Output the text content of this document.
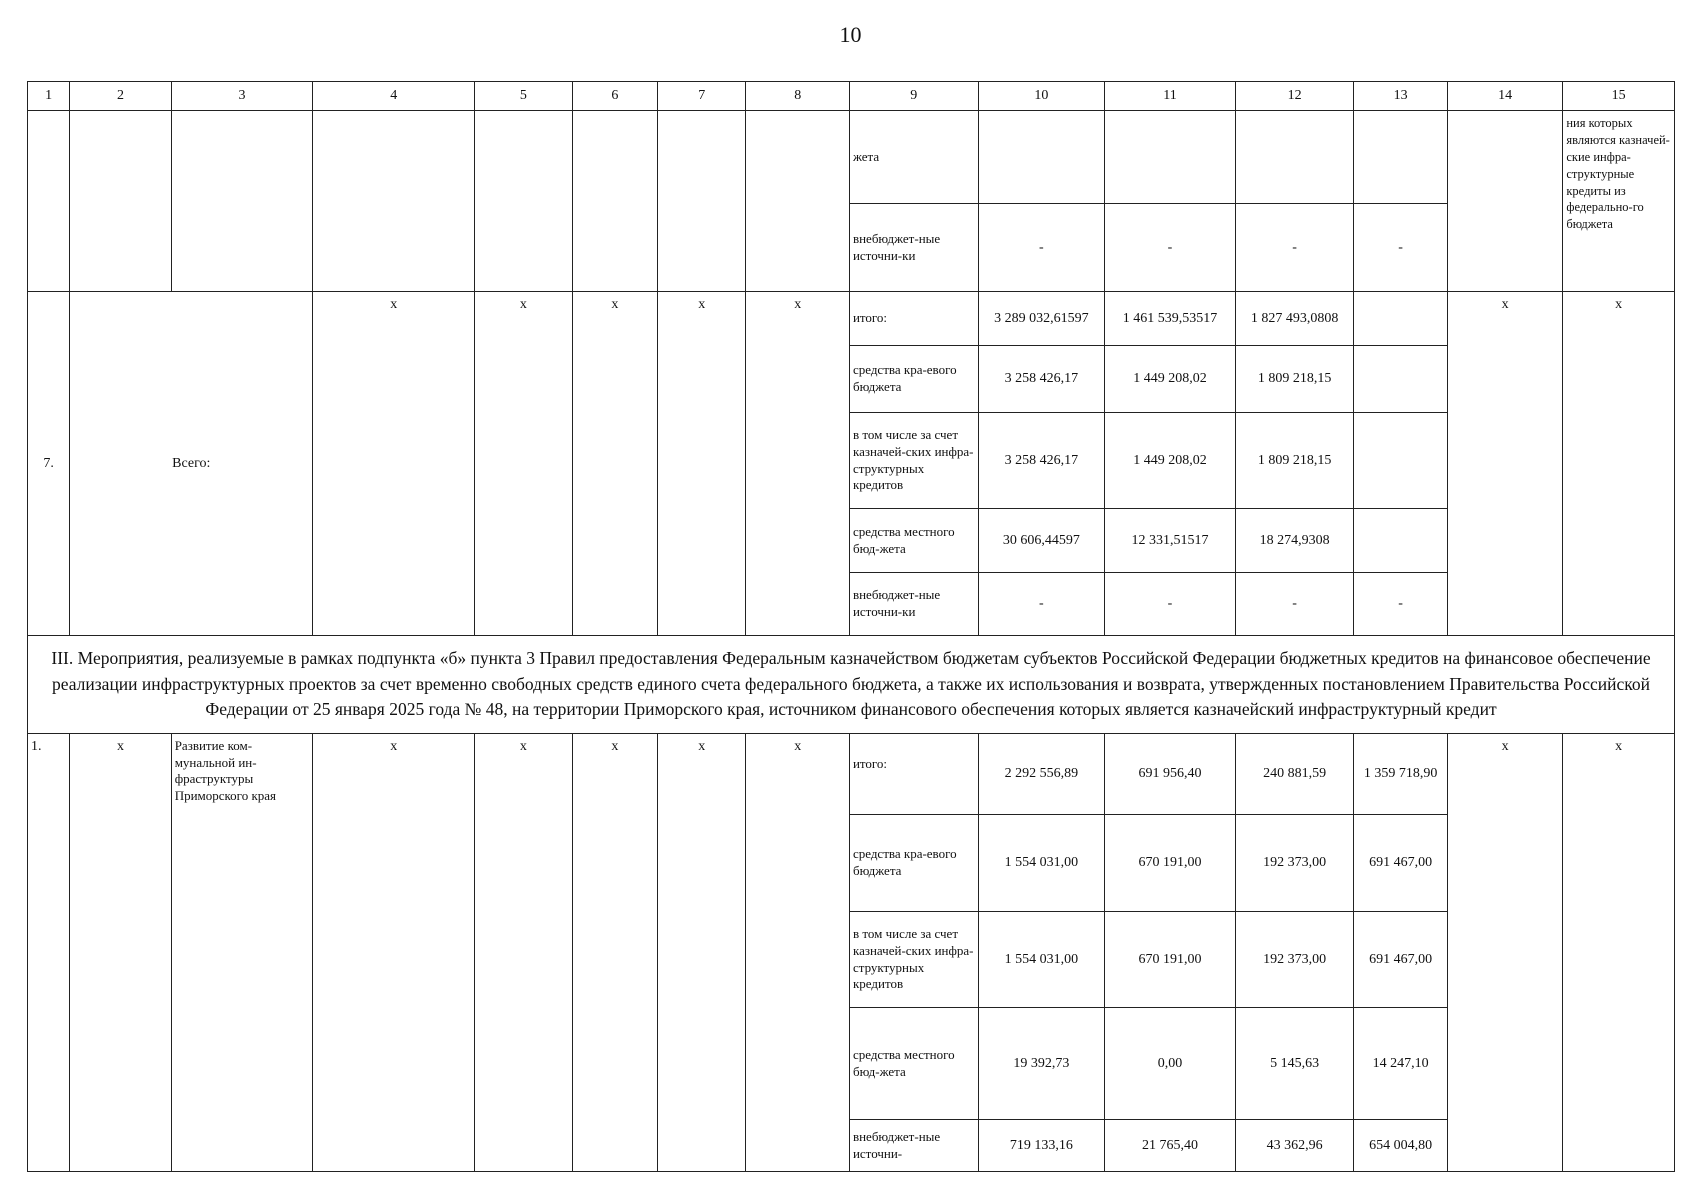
10
1	2	3	4	5	6	7	8	9	10	11	12	13	14	15
								жета						ния которых являются казначей-ские инфра-структурные кредиты из федерально-го бюджета
								внебюджет-ные источни-ки	-	-	-	-		
7.	Всего:		х	х	х	х	х	итого:	3 289 032,61597	1 461 539,53517	1 827 493,0808		х	х
								средства кра-евого бюджета	3 258 426,17	1 449 208,02	1 809 218,15			
								в том числе за счет казначей-ских инфра-структурных кредитов	3 258 426,17	1 449 208,02	1 809 218,15			
								средства местного бюд-жета	30 606,44597	12 331,51517	18 274,9308			
								внебюджет-ные источни-ки	-	-	-	-		
III. Мероприятия, реализуемые в рамках подпункта «б» пункта 3 Правил предоставления Федеральным казначейством бюджетам субъектов Российской Федерации бюджетных кредитов на финансовое обеспечение реализации инфраструктурных проектов за счет временно свободных средств единого счета федерального бюджета, а также их использования и возврата, утвержденных постановлением Правительства Российской Федерации от 25 января 2025 года № 48, на территории Приморского края, источником финансового обеспечения которых является казначейский инфраструктурный кредит														
1.	х	Развитие ком-мунальной ин-фраструктуры Приморского края	х	х	х	х	х	итого:	2 292 556,89	691 956,40	240 881,59	1 359 718,90	х	х
								средства кра-евого бюджета	1 554 031,00	670 191,00	192 373,00	691 467,00		
								в том числе за счет казначей-ских инфра-структурных кредитов	1 554 031,00	670 191,00	192 373,00	691 467,00		
								средства местного бюд-жета	19 392,73	0,00	5 145,63	14 247,10		
								внебюджет-ные источни-	719 133,16	21 765,40	43 362,96	654 004,80		
